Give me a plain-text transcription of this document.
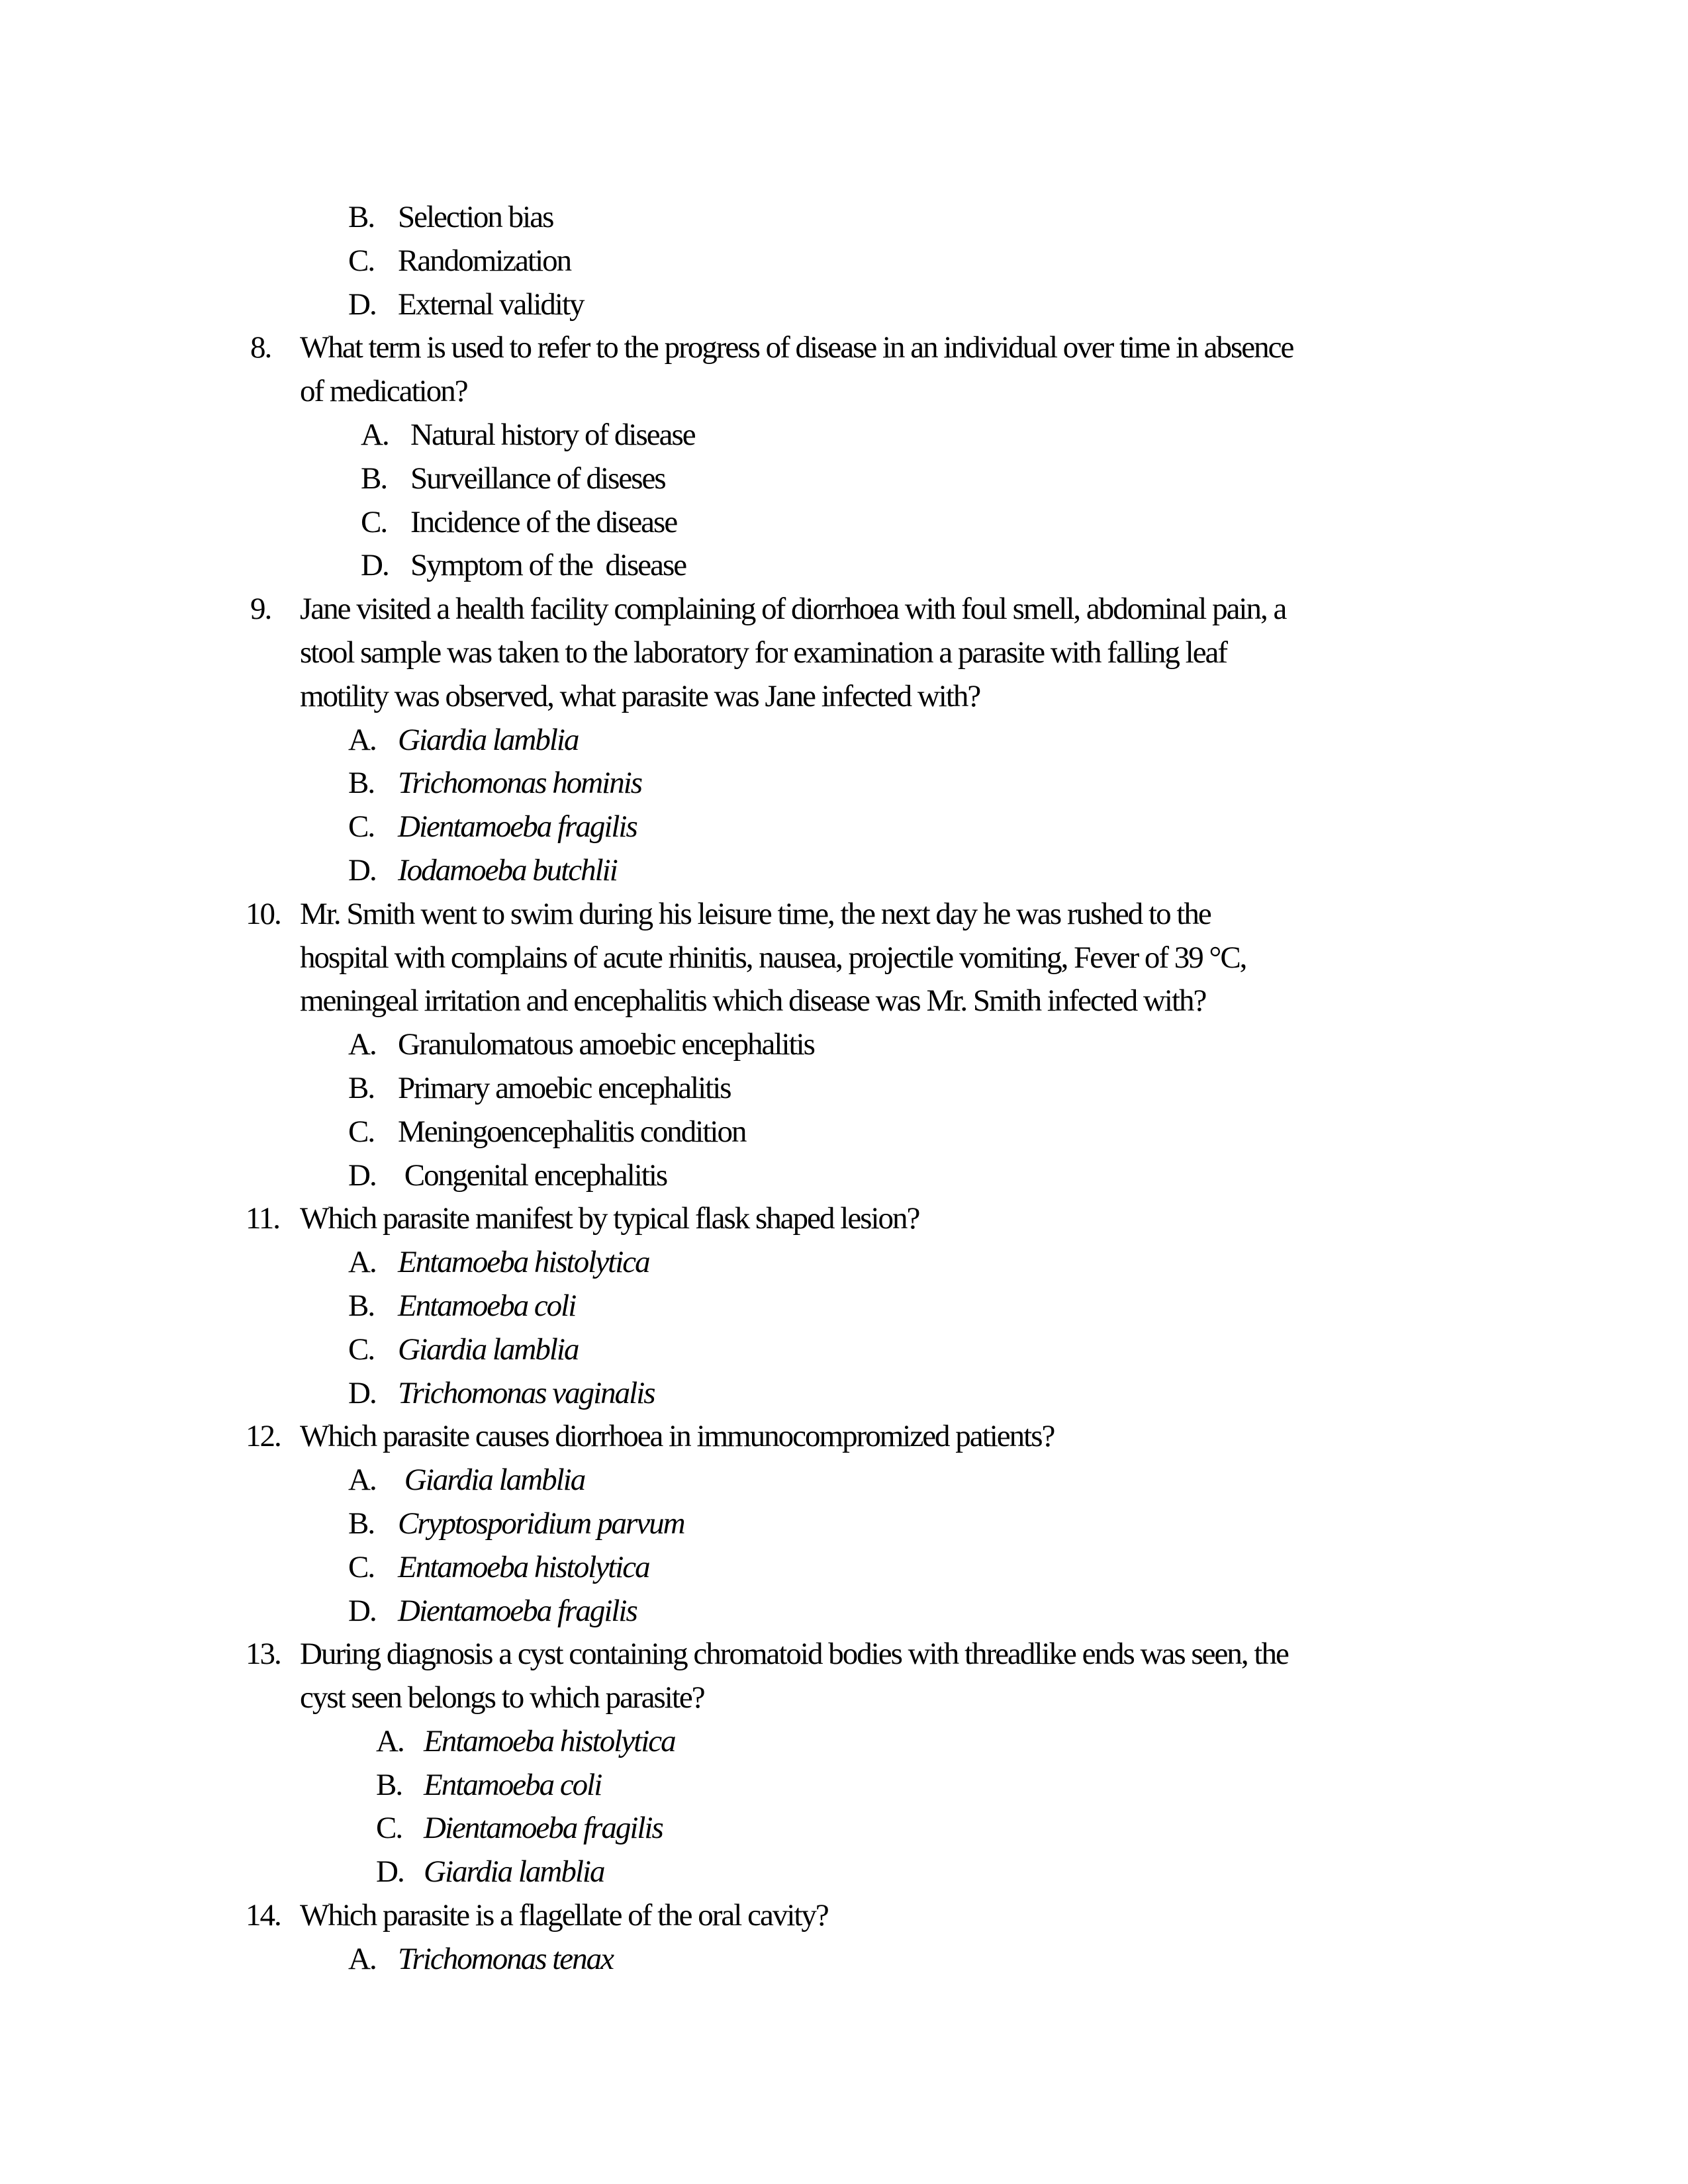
B. Selection bias
C. Randomization
D. External validity
8. What term is used to refer to the progress of disease in an individual over time in absence
of medication?
A. Natural history of disease
B. Surveillance of diseses
C. Incidence of the disease
D. Symptom of the  disease
9. Jane visited a health facility complaining of diorrhoea with foul smell, abdominal pain, a
stool sample was taken to the laboratory for examination a parasite with falling leaf
motility was observed, what parasite was Jane infected with?
A. Giardia lamblia
B. Trichomonas hominis
C. Dientamoeba fragilis
D. Iodamoeba butchlii
10. Mr. Smith went to swim during his leisure time, the next day he was rushed to the
hospital with complains of acute rhinitis, nausea, projectile vomiting, Fever of 39 °C,
meningeal irritation and encephalitis which disease was Mr. Smith infected with?
A. Granulomatous amoebic encephalitis
B. Primary amoebic encephalitis
C. Meningoencephalitis condition
D. Congenital encephalitis
11. Which parasite manifest by typical flask shaped lesion?
A. Entamoeba histolytica
B. Entamoeba coli
C. Giardia lamblia
D. Trichomonas vaginalis
12. Which parasite causes diorrhoea in immunocompromized patients?
A. Giardia lamblia
B. Cryptosporidium parvum
C. Entamoeba histolytica
D. Dientamoeba fragilis
13. During diagnosis a cyst containing chromatoid bodies with threadlike ends was seen, the
cyst seen belongs to which parasite?
A. Entamoeba histolytica
B. Entamoeba coli
C. Dientamoeba fragilis
D. Giardia lamblia
14. Which parasite is a flagellate of the oral cavity?
A. Trichomonas tenax
